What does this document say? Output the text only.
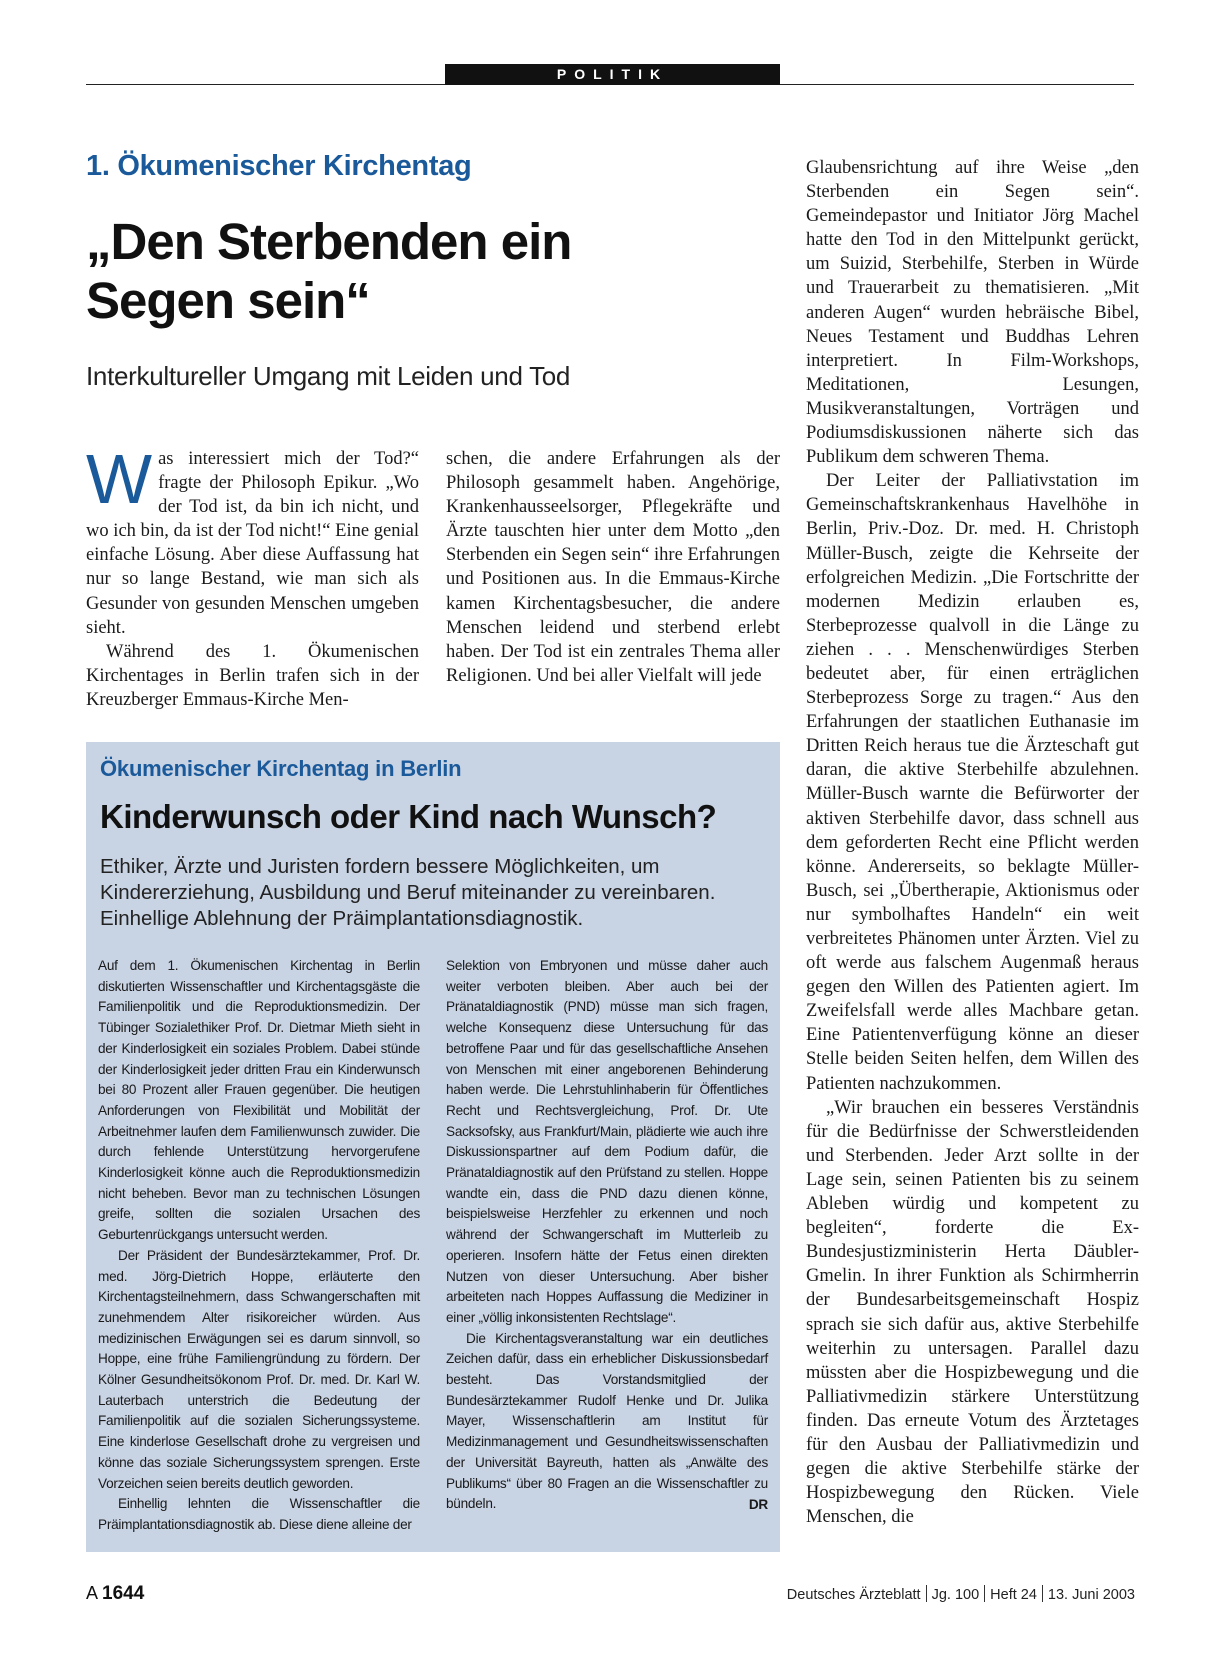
POLITIK
1. Ökumenischer Kirchentag
„Den Sterbenden ein
Segen sein“
Interkultureller Umgang mit Leiden und Tod

Was interessiert mich der Tod?“ fragte der Philosoph Epikur. „Wo der Tod ist, da bin ich nicht, und wo ich bin, da ist der Tod nicht!“ Eine genial einfache Lösung. Aber diese Auffassung hat nur so lange Bestand, wie man sich als Gesunder von gesunden Menschen umgeben sieht.

Während des 1. Ökumenischen Kirchentages in Berlin trafen sich in der Kreuzberger Emmaus-Kirche Men-

schen, die andere Erfahrungen als der Philosoph gesammelt haben. Angehörige, Krankenhausseelsorger, Pflegekräfte und Ärzte tauschten hier unter dem Motto „den Sterbenden ein Segen sein“ ihre Erfahrungen und Positionen aus. In die Emmaus-Kirche kamen Kirchentagsbesucher, die andere Menschen leidend und sterbend erlebt haben. Der Tod ist ein zentrales Thema aller Religionen. Und bei aller Vielfalt will jede

Glaubensrichtung auf ihre Weise „den Sterbenden ein Segen sein“. Gemeindepastor und Initiator Jörg Machel hatte den Tod in den Mittelpunkt gerückt, um Suizid, Sterbehilfe, Sterben in Würde und Trauerarbeit zu thematisieren. „Mit anderen Augen“ wurden hebräische Bibel, Neues Testament und Buddhas Lehren interpretiert. In Film-Workshops, Meditationen, Lesungen, Musikveranstaltungen, Vorträgen und Podiumsdiskussionen näherte sich das Publikum dem schweren Thema.

Der Leiter der Palliativstation im Gemeinschaftskrankenhaus Havelhöhe in Berlin, Priv.-Doz. Dr. med. H. Christoph Müller-Busch, zeigte die Kehrseite der erfolgreichen Medizin. „Die Fortschritte der modernen Medizin erlauben es, Sterbeprozesse qualvoll in die Länge zu ziehen . . . Menschenwürdiges Sterben bedeutet aber, für einen erträglichen Sterbeprozess Sorge zu tragen.“ Aus den Erfahrungen der staatlichen Euthanasie im Dritten Reich heraus tue die Ärzteschaft gut daran, die aktive Sterbehilfe abzulehnen. Müller-Busch warnte die Befürworter der aktiven Sterbehilfe davor, dass schnell aus dem geforderten Recht eine Pflicht werden könne. Andererseits, so beklagte Müller-Busch, sei „Übertherapie, Aktionismus oder nur symbolhaftes Handeln“ ein weit verbreitetes Phänomen unter Ärzten. Viel zu oft werde aus falschem Augenmaß heraus gegen den Willen des Patienten agiert. Im Zweifelsfall werde alles Machbare getan. Eine Patientenverfügung könne an dieser Stelle beiden Seiten helfen, dem Willen des Patienten nachzukommen.

„Wir brauchen ein besseres Verständnis für die Bedürfnisse der Schwerstleidenden und Sterbenden. Jeder Arzt sollte in der Lage sein, seinen Patienten bis zu seinem Ableben würdig und kompetent zu begleiten“, forderte die Ex-Bundesjustizministerin Herta Däubler-Gmelin. In ihrer Funktion als Schirmherrin der Bundesarbeitsgemeinschaft Hospiz sprach sie sich dafür aus, aktive Sterbehilfe weiterhin zu untersagen. Parallel dazu müssten aber die Hospizbewegung und die Palliativmedizin stärkere Unterstützung finden. Das erneute Votum des Ärztetages für den Ausbau der Palliativmedizin und gegen die aktive Sterbehilfe stärke der Hospizbewegung den Rücken. Viele Menschen, die

Ökumenischer Kirchentag in Berlin
Kinderwunsch oder Kind nach Wunsch?
Ethiker, Ärzte und Juristen fordern bessere Möglichkeiten, um Kindererziehung, Ausbildung und Beruf miteinander zu vereinbaren. Einhellige Ablehnung der Präimplantationsdiagnostik.

Auf dem 1. Ökumenischen Kirchentag in Berlin diskutierten Wissenschaftler und Kirchentagsgäste die Familienpolitik und die Reproduktionsmedizin. Der Tübinger Sozialethiker Prof. Dr. Dietmar Mieth sieht in der Kinderlosigkeit ein soziales Problem. Dabei stünde der Kinderlosigkeit jeder dritten Frau ein Kinderwunsch bei 80 Prozent aller Frauen gegenüber. Die heutigen Anforderungen von Flexibilität und Mobilität der Arbeitnehmer laufen dem Familienwunsch zuwider. Die durch fehlende Unterstützung hervorgerufene Kinderlosigkeit könne auch die Reproduktionsmedizin nicht beheben. Bevor man zu technischen Lösungen greife, sollten die sozialen Ursachen des Geburtenrückgangs untersucht werden.

Der Präsident der Bundesärztekammer, Prof. Dr. med. Jörg-Dietrich Hoppe, erläuterte den Kirchentagsteilnehmern, dass Schwangerschaften mit zunehmendem Alter risikoreicher würden. Aus medizinischen Erwägungen sei es darum sinnvoll, so Hoppe, eine frühe Familiengründung zu fördern. Der Kölner Gesundheitsökonom Prof. Dr. med. Dr. Karl W. Lauterbach unterstrich die Bedeutung der Familienpolitik auf die sozialen Sicherungssysteme. Eine kinderlose Gesellschaft drohe zu vergreisen und könne das soziale Sicherungssystem sprengen. Erste Vorzeichen seien bereits deutlich geworden.

Einhellig lehnten die Wissenschaftler die Präimplantationsdiagnostik ab. Diese diene alleine der

Selektion von Embryonen und müsse daher auch weiter verboten bleiben. Aber auch bei der Pränataldiagnostik (PND) müsse man sich fragen, welche Konsequenz diese Untersuchung für das betroffene Paar und für das gesellschaftliche Ansehen von Menschen mit einer angeborenen Behinderung haben werde. Die Lehrstuhlinhaberin für Öffentliches Recht und Rechtsvergleichung, Prof. Dr. Ute Sacksofsky, aus Frankfurt/Main, plädierte wie auch ihre Diskussionspartner auf dem Podium dafür, die Pränataldiagnostik auf den Prüfstand zu stellen. Hoppe wandte ein, dass die PND dazu dienen könne, beispielsweise Herzfehler zu erkennen und noch während der Schwangerschaft im Mutterleib zu operieren. Insofern hätte der Fetus einen direkten Nutzen von dieser Untersuchung. Aber bisher arbeiteten nach Hoppes Auffassung die Mediziner in einer „völlig inkonsistenten Rechtslage“.

Die Kirchentagsveranstaltung war ein deutliches Zeichen dafür, dass ein erheblicher Diskussionsbedarf besteht. Das Vorstandsmitglied der Bundesärztekammer Rudolf Henke und Dr. Julika Mayer, Wissenschaftlerin am Institut für Medizinmanagement und Gesundheitswissenschaften der Universität Bayreuth, hatten als „Anwälte des Publikums“ über 80 Fragen an die Wissenschaftler zu bündeln.	DR
A 1644	Deutsches Ärzteblatt Jg. 100 Heft 24 13. Juni 2003
